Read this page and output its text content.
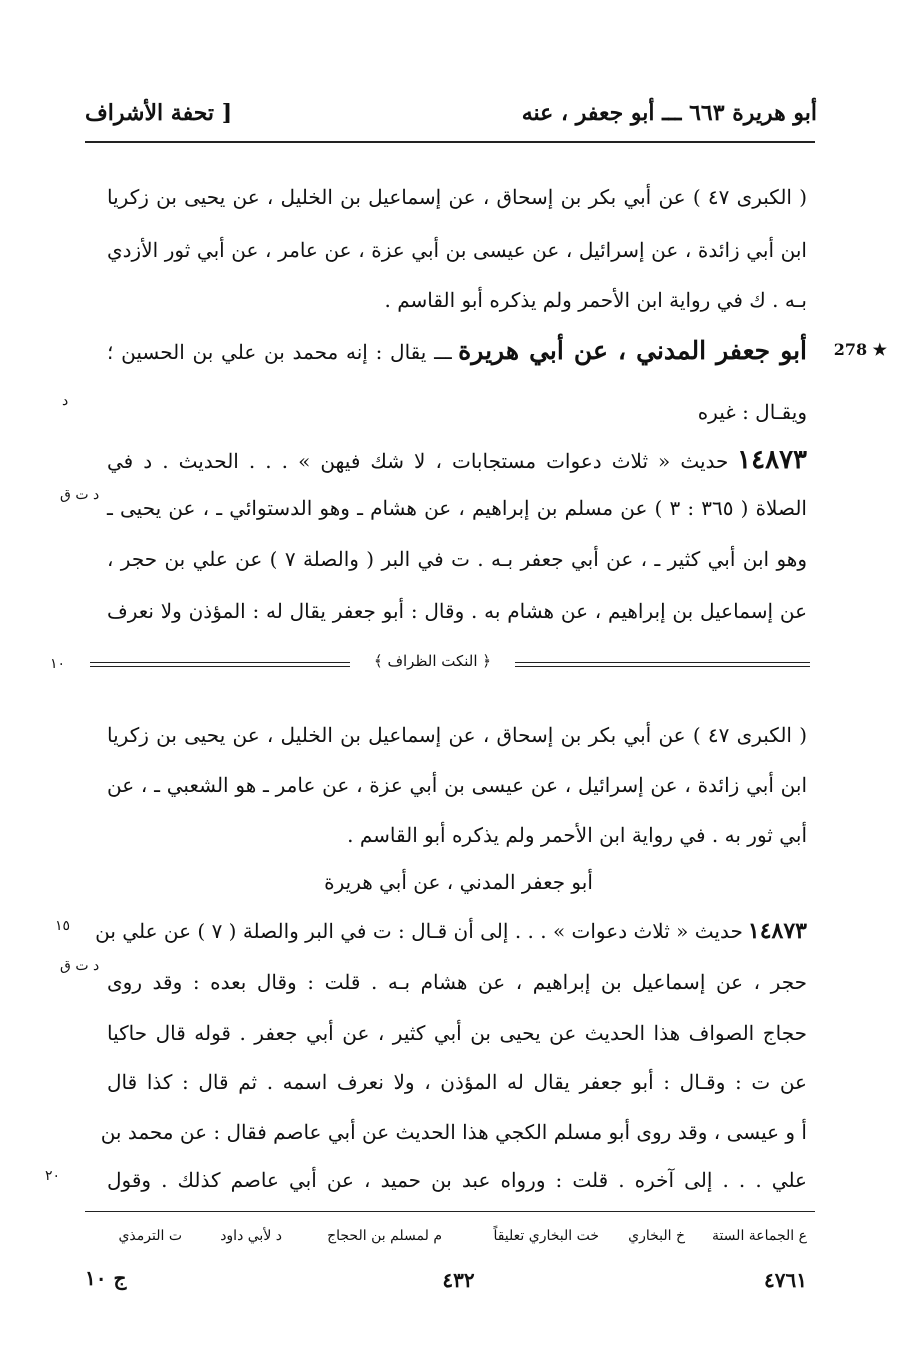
أبو هريرة ٦٦٣ ـــ أبو جعفر ، عنه
[ تحفة الأشراف
( الكبرى ٤٧ ) عن أبي بكر بن إسحاق ، عن إسماعيل بن الخليل ، عن يحيى بن زكريا
ابن أبي زائدة ، عن إسرائيل ، عن عيسى بن أبي عزة ، عن عامر ، عن أبي ثور الأزدي
بـه . ك في رواية ابن الأحمر ولم يذكره أبو القاسم .
278 ★
أبو جعفر المدني ، عن أبي هريرة ـــ يقال : إنه محمد بن علي بن الحسين ؛
ويقـال : غيره
د
١٤٨٧٣ حديث « ثلاث دعوات مستجابات ، لا شك فيهن » . . . الحديث . د في
د ت ق
الصلاة ( ٣٦٥ : ٣ ) عن مسلم بن إبراهيم ، عن هشام ـ وهو الدستوائي ـ ، عن يحيى ـ
وهو ابن أبي كثير ـ ، عن أبي جعفر بـه . ت في البر ( والصلة ٧ ) عن علي بن حجر ،
عن إسماعيل بن إبراهيم ، عن هشام به . وقال : أبو جعفر يقال له : المؤذن ولا نعرف
﴿ النكت الظراف ﴾
١٠
( الكبرى ٤٧ ) عن أبي بكر بن إسحاق ، عن إسماعيل بن الخليل ، عن يحيى بن زكريا
ابن أبي زائدة ، عن إسرائيل ، عن عيسى بن أبي عزة ، عن عامر ـ هو الشعبي ـ ، عن
أبي ثور به . في رواية ابن الأحمر ولم يذكره أبو القاسم .
أبو جعفر المدني ، عن أبي هريرة
١٤٨٧٣ حديث « ثلاث دعوات » . . . إلى أن قـال : ت في البر والصلة ( ٧ ) عن علي بن
١٥
د ت ق
حجر ، عن إسماعيل بن إبراهيم ، عن هشام بـه . قلت : وقال بعده : وقد روى
حجاج الصواف هذا الحديث عن يحيى بن أبي كثير ، عن أبي جعفر . قوله قال حاكيا
عن ت : وقـال : أبو جعفر يقال له المؤذن ، ولا نعرف اسمه . ثم قال : كذا قال
أ و عيسى ، وقد روى أبو مسلم الكجي هذا الحديث عن أبي عاصم فقال : عن محمد بن
علي . . . إلى آخره . قلت : ورواه عبد بن حميد ، عن أبي عاصم كذلك . وقول
٢٠
ع الجماعة الستة
خ البخاري
خت البخاري تعليقاً
م لمسلم بن الحجاج
د لأبي داود
ت الترمذي
٤٧٦١
٤٣٢
ج ١٠
